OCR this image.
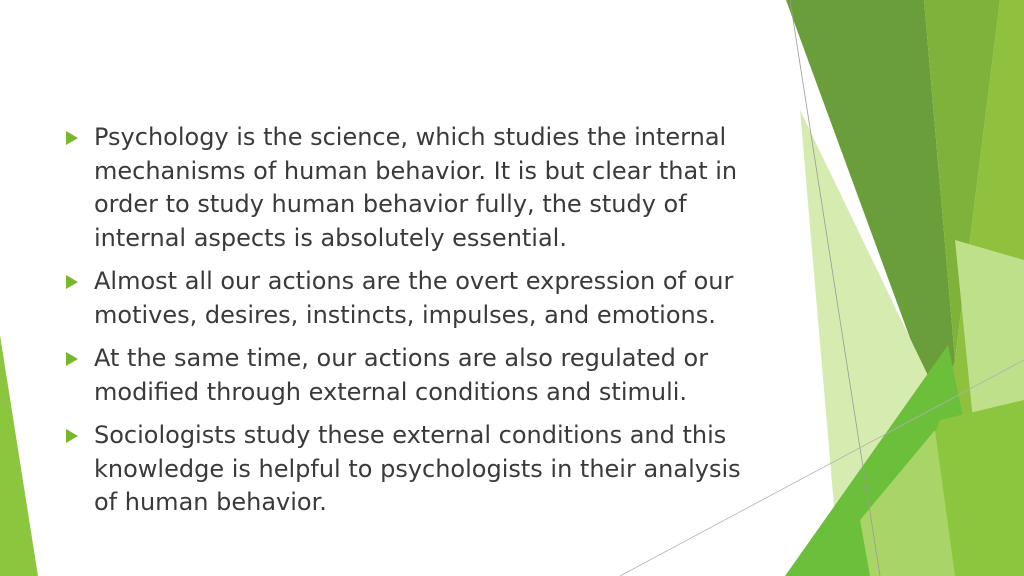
Psychology is the science, which studies the internal mechanisms of human behavior. It is but clear that in order to study human behavior fully, the study of internal aspects is absolutely essential.
Almost all our actions are the overt expression of our motives, desires, instincts, impulses, and emotions.
At the same time, our actions are also regulated or modified through external conditions and stimuli.
Sociologists study these external conditions and this knowledge is helpful to psychologists in their analysis of human behavior.
